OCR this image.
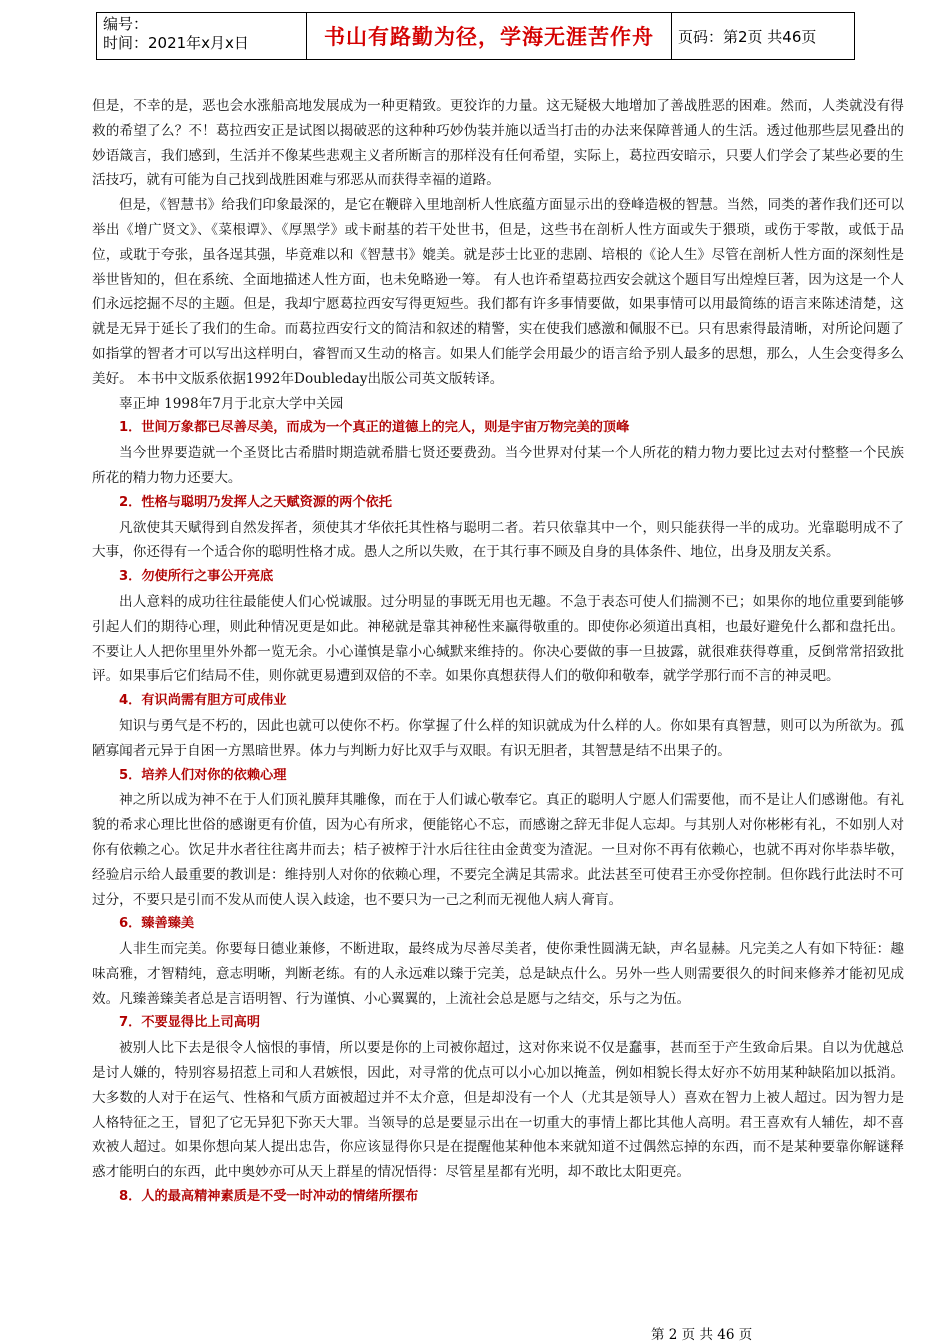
编号：
时间：2021年x月x日	书山有路勤为径，学海无涯苦作舟	页码：第2页 共46页

但是，不幸的是，恶也会水涨船高地发展成为一种更精致。更狡诈的力量。这无疑极大地增加了善战胜恶的困难。然而，人类就没有得救的希望了么？不！葛拉西安正是试图以揭破恶的这种种巧妙伪装并施以适当打击的办法来保障普通人的生活。透过他那些层见叠出的妙语箴言，我们感到，生活并不像某些悲观主义者所断言的那样没有任何希望，实际上，葛拉西安暗示，只要人们学会了某些必要的生活技巧，就有可能为自己找到战胜困难与邪恶从而获得幸福的道路。

但是，《智慧书》给我们印象最深的，是它在鞭辟入里地剖析人性底蕴方面显示出的登峰造极的智慧。当然，同类的著作我们还可以举出《增广贤文》、《菜根谭》、《厚黑学》或卡耐基的若干处世书，但是，这些书在剖析人性方面或失于猥琐，或伤于零散，或低于品位，或耽于夸张，虽各逞其强，毕竟难以和《智慧书》媲美。就是莎士比亚的悲剧、培根的《论人生》尽管在剖析人性方面的深刻性是举世皆知的，但在系统、全面地描述人性方面，也未免略逊一筹。 有人也许希望葛拉西安会就这个题目写出煌煌巨著，因为这是一个人们永远挖掘不尽的主题。但是，我却宁愿葛拉西安写得更短些。我们都有许多事情要做，如果事情可以用最简练的语言来陈述清楚，这就是无异于延长了我们的生命。而葛拉西安行文的简洁和叙述的精警，实在使我们感激和佩服不已。只有思索得最清晰，对所论问题了如指掌的智者才可以写出这样明白，睿智而又生动的格言。如果人们能学会用最少的语言给予别人最多的思想，那么，人生会变得多么美好。 本书中文版系依据1992年Doubleday出版公司英文版转译。

辜正坤 1998年7月于北京大学中关园

1．世间万象都已尽善尽美，而成为一个真正的道德上的完人，则是宇宙万物完美的顶峰

当今世界要造就一个圣贤比古希腊时期造就希腊七贤还要费劲。当今世界对付某一个人所花的精力物力要比过去对付整整一个民族所花的精力物力还要大。

2．性格与聪明乃发挥人之天赋资源的两个依托

凡欲使其天赋得到自然发挥者，须使其才华依托其性格与聪明二者。若只依靠其中一个，则只能获得一半的成功。光靠聪明成不了大事，你还得有一个适合你的聪明性格才成。愚人之所以失败，在于其行事不顾及自身的具体条件、地位，出身及朋友关系。

3．勿使所行之事公开亮底

出人意料的成功往往最能使人们心悦诚服。过分明显的事既无用也无趣。不急于表态可使人们揣测不已；如果你的地位重要到能够引起人们的期待心理，则此种情况更是如此。神秘就是靠其神秘性来赢得敬重的。即使你必须道出真相，也最好避免什么都和盘托出。不要让人人把你里里外外都一览无余。小心谨慎是靠小心缄默来维持的。你决心要做的事一旦披露，就很难获得尊重，反倒常常招致批评。如果事后它们结局不佳，则你就更易遭到双倍的不幸。如果你真想获得人们的敬仰和敬奉，就学学那行而不言的神灵吧。

4．有识尚需有胆方可成伟业

知识与勇气是不朽的，因此也就可以使你不朽。你掌握了什么样的知识就成为什么样的人。你如果有真智慧，则可以为所欲为。孤陋寡闻者元异于自困一方黑暗世界。体力与判断力好比双手与双眼。有识无胆者，其智慧是结不出果子的。

5．培养人们对你的依赖心理

神之所以成为神不在于人们顶礼膜拜其雕像，而在于人们诚心敬奉它。真正的聪明人宁愿人们需要他，而不是让人们感谢他。有礼貌的希求心理比世俗的感谢更有价值，因为心有所求，便能铭心不忘，而感谢之辞无非促人忘却。与其别人对你彬彬有礼，不如别人对你有依赖之心。饮足井水者往往离井而去；桔子被榨于汁水后往往由金黄变为渣泥。一旦对你不再有依赖心，也就不再对你毕恭毕敬，经验启示给人最重要的教训是：维持别人对你的依赖心理，不要完全满足其需求。此法甚至可使君王亦受你控制。但你践行此法时不可过分，不要只是引而不发从而使人误入歧途，也不要只为一己之利而无视他人病人膏肓。

6．臻善臻美

人非生而完美。你要每日德业兼修，不断进取，最终成为尽善尽美者，使你秉性圆满无缺，声名显赫。凡完美之人有如下特征：趣味高雅，才智精纯，意志明晰，判断老练。有的人永远难以臻于完美，总是缺点什么。另外一些人则需要很久的时间来修养才能初见成效。凡臻善臻美者总是言语明智、行为谨慎、小心翼翼的，上流社会总是愿与之结交，乐与之为伍。

7．不要显得比上司高明

被别人比下去是很令人恼恨的事情，所以要是你的上司被你超过，这对你来说不仅是蠢事，甚而至于产生致命后果。自以为优越总是讨人嫌的，特别容易招惹上司和人君嫉恨，因此，对寻常的优点可以小心加以掩盖，例如相貌长得太好亦不妨用某种缺陷加以抵消。大多数的人对于在运气、性格和气质方面被超过并不太介意，但是却没有一个人（尤其是领导人）喜欢在智力上被人超过。因为智力是人格特征之王，冒犯了它无异犯下弥天大罪。当领导的总是要显示出在一切重大的事情上都比其他人高明。君王喜欢有人辅佐，却不喜欢被人超过。如果你想向某人提出忠告，你应该显得你只是在提醒他某种他本来就知道不过偶然忘掉的东西，而不是某种要靠你解谜释惑才能明白的东西，此中奥妙亦可从天上群星的情况悟得：尽管星星都有光明，却不敢比太阳更亮。

8．人的最高精神素质是不受一时冲动的情绪所摆布

第 2 页 共 46 页
